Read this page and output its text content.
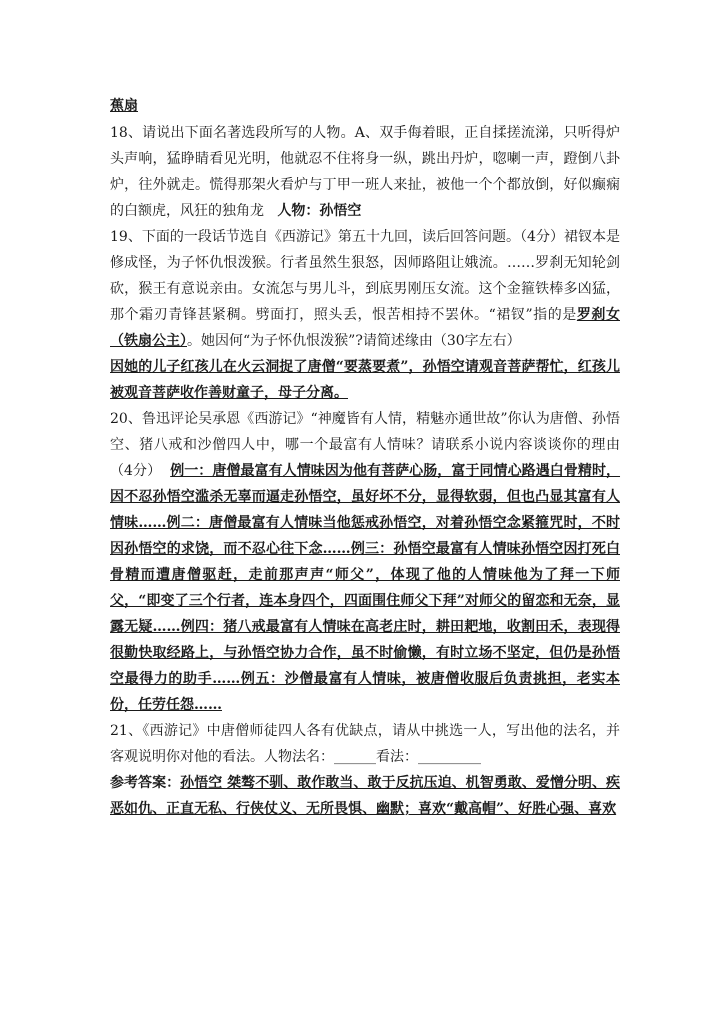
蕉扇

18、请说出下面名著选段所写的人物。A、双手侮着眼，正自揉搓流涕，只听得炉头声响，猛睁睛看见光明，他就忍不住将身一纵，跳出丹炉，唿喇一声，蹬倒八卦炉，往外就走。慌得那架火看炉与丁甲一班人来扯，被他一个个都放倒，好似癫痫的白额虎，风狂的独角龙 人物：孙悟空

19、下面的一段话节选自《西游记》第五十九回，读后回答问题。（4分）裙钗本是修成怪，为子怀仇恨泼猴。行者虽然生狠怒，因师路阻让娥流。……罗刹无知轮剑砍，猴王有意说亲由。女流怎与男儿斗，到底男刚压女流。这个金箍铁棒多凶猛，那个霜刃青锋甚紧稠。劈面打，照头丢，恨苦相持不罢休。“裙钗”指的是罗刹女（铁扇公主）。她因何“为子怀仇恨泼猴”?请简述缘由（30字左右）

因她的儿子红孩儿在火云洞捉了唐僧“要蒸要煮”，孙悟空请观音菩萨帮忙，红孩儿被观音菩萨收作善财童子，母子分离。

20、鲁迅评论吴承恩《西游记》“神魔皆有人情，精魅亦通世故”你认为唐僧、孙悟空、猪八戒和沙僧四人中，哪一个最富有人情味？请联系小说内容谈谈你的理由（4分） 例一：唐僧最富有人情味因为他有菩萨心肠，富于同情心路遇白骨精时，因不忍孙悟空滥杀无辜而逼走孙悟空，虽好坏不分，显得软弱，但也凸显其富有人情味……例二：唐僧最富有人情味当他惩戒孙悟空，对着孙悟空念紧箍咒时，不时因孙悟空的求饶，而不忍心往下念……例三：孙悟空最富有人情味孙悟空因打死白骨精而遭唐僧驱赶，走前那声声“师父”，体现了他的人情味他为了拜一下师父，“即变了三个行者，连本身四个，四面围住师父下拜”对师父的留恋和无奈，显露无疑……例四：猪八戒最富有人情味在高老庄时，耕田耙地，收割田禾，表现得很勤快取经路上，与孙悟空协力合作，虽不时偷懒，有时立场不坚定，但仍是孙悟空最得力的助手……例五：沙僧最富有人情味，被唐僧收服后负责挑担，老实本份，任劳任怨……

21、《西游记》中唐僧师徒四人各有优缺点，请从中挑选一人，写出他的法名，并客观说明你对他的看法。人物法名：______看法：_________

参考答案：孙悟空 桀骜不驯、敢作敢当、敢于反抗压迫、机智勇敢、爱憎分明、疾恶如仇、正直无私、行侠仗义、无所畏惧、幽默；喜欢“戴高帽”、好胜心强、喜欢
